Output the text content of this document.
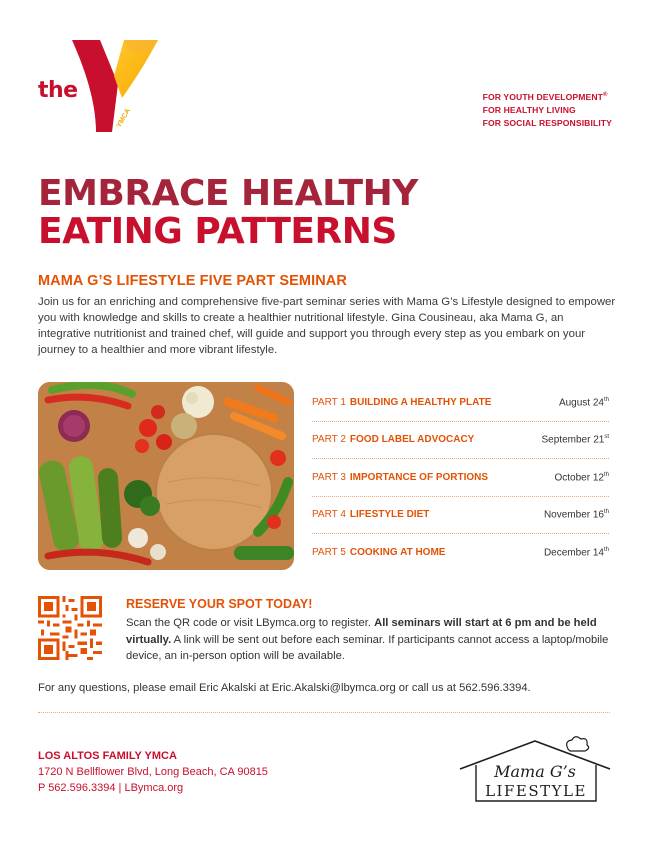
the
YMCA
FOR YOUTH DEVELOPMENT®
FOR HEALTHY LIVING
FOR SOCIAL RESPONSIBILITY
EMBRACE HEALTHY
EATING PATTERNS
MAMA G’S LIFESTYLE FIVE PART SEMINAR
Join us for an enriching and comprehensive five-part seminar series with Mama G’s Lifestyle designed to empower you with knowledge and skills to create a healthier nutritional lifestyle. Gina Cousineau, aka Mama G, an integrative nutritionist and trained chef, will guide and support you through every step as you embark on your journey to a healthier and more vibrant lifestyle.
PART 1 BUILDING A HEALTHY PLATE	August 24th
PART 2 FOOD LABEL ADVOCACY	September 21st
PART 3 IMPORTANCE OF PORTIONS	October 12th
PART 4 LIFESTYLE DIET	November 16th
PART 5 COOKING AT HOME	December 14th
RESERVE YOUR SPOT TODAY!
Scan the QR code or visit LBymca.org to register. All seminars will start at 6 pm and be held virtually. A link will be sent out before each seminar. If participants cannot access a laptop/mobile device, an in-person option will be available.
For any questions, please email Eric Akalski at Eric.Akalski@lbymca.org or call us at 562.596.3394.
LOS ALTOS FAMILY YMCA
1720 N Bellflower Blvd, Long Beach, CA 90815
P 562.596.3394 | LBymca.org
Mama G’s
LIFESTYLE
